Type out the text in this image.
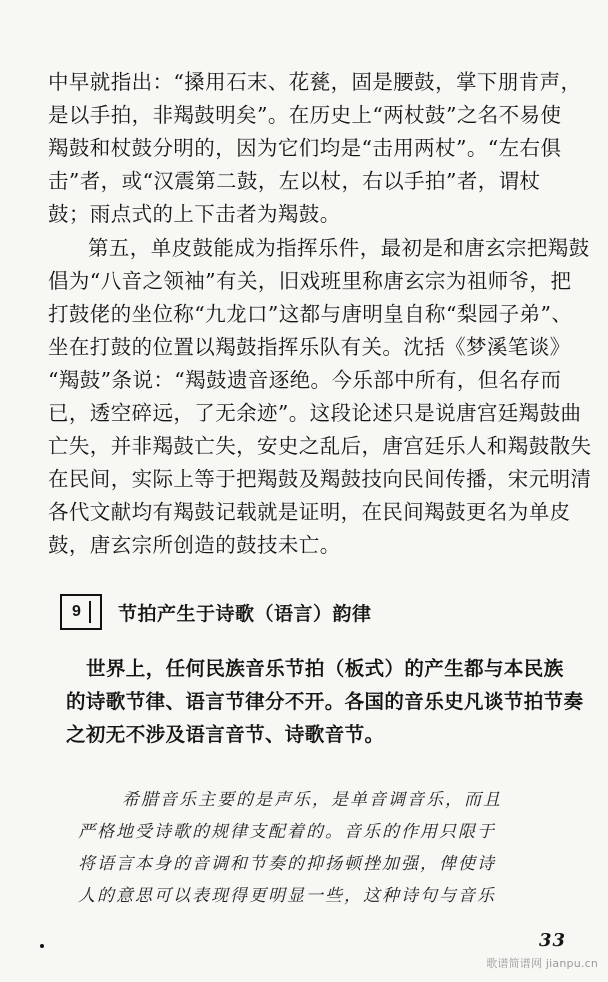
中早就指出：“搡用石末、花甆，固是腰鼓，掌下朋肯声，
是以手拍，非羯鼓明矣”。在历史上“两杖鼓”之名不易使
羯鼓和杖鼓分明的，因为它们均是“击用两杖”。“左右俱
击”者，或“汉震第二鼓，左以杖，右以手拍”者，谓杖
鼓；雨点式的上下击者为羯鼓。

第五，单皮鼓能成为指挥乐件，最初是和唐玄宗把羯鼓
倡为“八音之领袖”有关，旧戏班里称唐玄宗为祖师爷，把
打鼓佬的坐位称“九龙口”这都与唐明皇自称“梨园子弟”、
坐在打鼓的位置以羯鼓指挥乐队有关。沈括《梦溪笔谈》
“羯鼓”条说：“羯鼓遗音逐绝。今乐部中所有，但名存而
已，透空碎远，了无余迹”。这段论述只是说唐宫廷羯鼓曲
亡失，并非羯鼓亡失，安史之乱后，唐宫廷乐人和羯鼓散失
在民间，实际上等于把羯鼓及羯鼓技向民间传播，宋元明清
各代文献均有羯鼓记载就是证明，在民间羯鼓更名为单皮
鼓，唐玄宗所创造的鼓技未亡。

9 节拍产生于诗歌（语言）韵律

世界上，任何民族音乐节拍（板式）的产生都与本民族
的诗歌节律、语言节律分不开。各国的音乐史凡谈节拍节奏
之初无不涉及语言音节、诗歌音节。

希腊音乐主要的是声乐，是单音调音乐，而且
严格地受诗歌的规律支配着的。音乐的作用只限于
将语言本身的音调和节奏的抑扬顿挫加强，俾使诗
人的意思可以表现得更明显一些，这种诗句与音乐
33
歌谱简谱网 jianpu.cn
